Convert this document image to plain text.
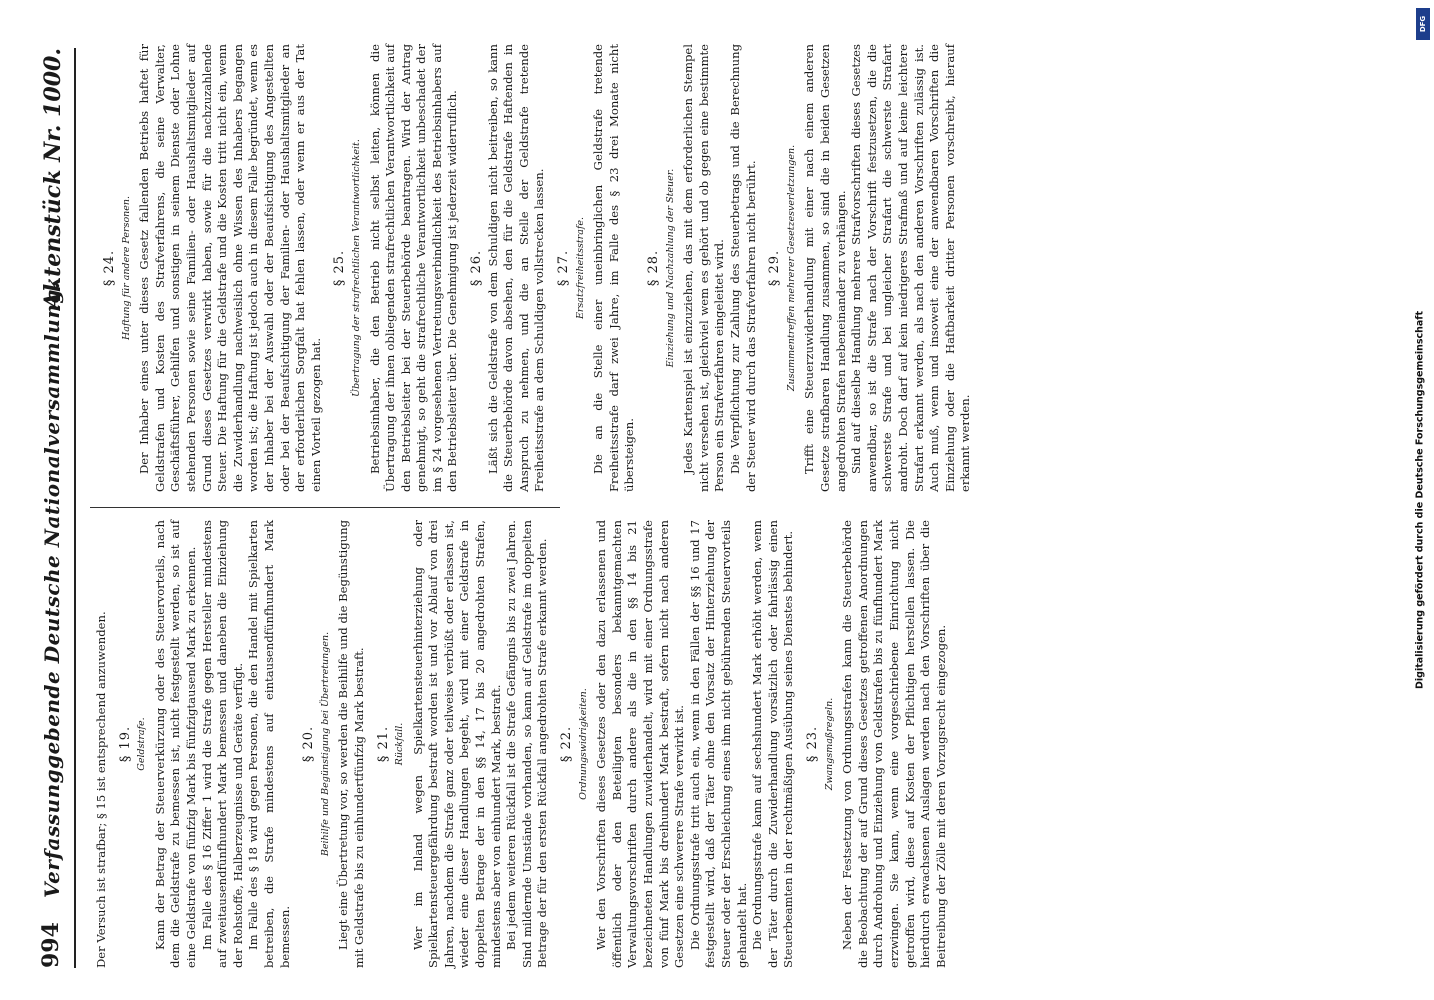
994
Verfassunggebende Deutsche Nationalversammlung.
Aktenstück Nr. 1000.

Der Versuch ist strafbar; § 15 ist entsprechend anzuwenden. § 19. Geldstrafe. Kann der Betrag der Steuerverkürzung oder des Steuervorteils, nach dem die Geldstrafe zu bemessen ist, nicht festgestellt werden, so ist auf eine Geldstrafe von fünfzig Mark bis fünfzigtausend Mark zu erkennen. Im Falle des § 16 Ziffer 1 wird die Strafe gegen Hersteller mindestens auf zweitausendfünfhundert Mark bemessen und daneben die Einziehung der Rohstoffe, Halberzeugnisse und Geräte verfügt. Im Falle des § 18 wird gegen Personen, die den Handel mit Spielkarten betreiben, die Strafe mindestens auf eintausendfünfhundert Mark bemessen.

§ 20. Beihilfe und Begünstigung bei Übertretungen. Liegt eine Übertretung vor, so werden die Beihilfe und die Begünstigung mit Geldstrafe bis zu einhundertfünfzig Mark bestraft. § 21. Rückfall. Wer im Inland wegen Spielkartensteuerhinterziehung oder Spielkartensteuergefährdung bestraft worden ist und vor Ablauf von drei Jahren, nachdem die Strafe ganz oder teilweise verbüßt oder erlassen ist, wieder eine dieser Handlungen begeht, wird mit einer Geldstrafe in doppelten Betrage der in den §§ 14, 17 bis 20 angedrohten Strafen, mindestens aber von einhundert Mark, bestraft. Bei jedem weiteren Rückfall ist die Strafe Gefängnis bis zu zwei Jahren. Sind mildernde Umstände vorhanden, so kann auf Geldstrafe im doppelten Betrage der für den ersten Rückfall angedrohten Strafe erkannt werden. § 22. Ordnungswidrigkeiten. Wer den Vorschriften dieses Gesetzes oder den dazu erlassenen und öffentlich oder den Beteiligten besonders bekanntgemachten Verwaltungsvorschriften durch andere als die in den §§ 14 bis 21 bezeichneten Handlungen zuwiderhandelt, wird mit einer Ordnungsstrafe von fünf Mark bis dreihundert Mark bestraft, sofern nicht nach anderen Gesetzen eine schwerere Strafe verwirkt ist. Die Ordnungsstrafe tritt auch ein, wenn in den Fällen der §§ 16 und 17 festgestellt wird, daß der Täter ohne den Vorsatz der Hinterziehung der Steuer oder der Erschleichung eines ihm nicht gebührenden Steuervorteils gehandelt hat. Die Ordnungsstrafe kann auf sechshundert Mark erhöht werden, wenn der Täter durch die Zuwiderhandlung vorsätzlich oder fahrlässig einen Steuerbeamten in der rechtmäßigen Ausübung seines Dienstes behindert. § 23. Zwangsmaßregeln. Neben der Festsetzung von Ordnungsstrafen kann die Steuerbehörde die Beobachtung der auf Grund dieses Gesetzes getroffenen Anordnungen durch Androhung und Einziehung von Geldstrafen bis zu fünfhundert Mark erzwingen. Sie kann, wenn eine vorgeschriebene Einrichtung nicht getroffen wird, diese auf Kosten der Pflichtigen herstellen lassen. Die hierdurch erwachsenen Auslagen werden nach den Vorschriften über die Beitreibung der Zölle mit deren Vorzugsrecht eingezogen.

§ 24. Haftung für andere Personen. Der Inhaber eines unter dieses Gesetz fallenden Betriebs haftet für Geldstrafen und Kosten des Strafverfahrens, die seine Verwalter, Geschäftsführer, Gehilfen und sonstigen in seinem Dienste oder Lohne stehenden Personen sowie seine Familien- oder Haushaltsmitglieder auf Grund dieses Gesetzes verwirkt haben, sowie für die nachzuzahlende Steuer. Die Haftung für die Geldstrafe und die Kosten tritt nicht ein, wenn die Zuwiderhandlung nachweislich ohne Wissen des Inhabers begangen worden ist; die Haftung ist jedoch auch in diesem Falle begründet, wenn es der Inhaber bei der Auswahl oder der Beaufsichtigung des Angestellten oder bei der Beaufsichtigung der Familien- oder Haushaltsmitglieder an der erforderlichen Sorgfalt hat fehlen lassen, oder wenn er aus der Tat einen Vorteil gezogen hat.

§ 25. Übertragung der strafrechtlichen Verantwortlichkeit. Betriebsinhaber, die den Betrieb nicht selbst leiten, können die Übertragung der ihnen obliegenden strafrechtlichen Verantwortlichkeit auf den Betriebsleiter bei der Steuerbehörde beantragen. Wird der Antrag genehmigt, so geht die strafrechtliche Verantwortlichkeit unbeschadet der im § 24 vorgesehenen Vertretungsverbindlichkeit des Betriebsinhabers auf den Betriebsleiter über. Die Genehmigung ist jederzeit widerruflich. § 26. Läßt sich die Geldstrafe von dem Schuldigen nicht beitreiben, so kann die Steuerbehörde davon absehen, den für die Geldstrafe Haftenden in Anspruch zu nehmen, und die an Stelle der Geldstrafe tretende Freiheitsstrafe an dem Schuldigen vollstrecken lassen. § 27. Ersatzfreiheitsstrafe. Die an die Stelle einer uneinbringlichen Geldstrafe tretende Freiheitsstrafe darf zwei Jahre, im Falle des § 23 drei Monate nicht übersteigen.

§ 28. Einziehung und Nachzahlung der Steuer. Jedes Kartenspiel ist einzuziehen, das mit dem erforderlichen Stempel nicht versehen ist, gleichviel wem es gehört und ob gegen eine bestimmte Person ein Strafverfahren eingeleitet wird. Die Verpflichtung zur Zahlung des Steuerbetrags und die Berechnung der Steuer wird durch das Strafverfahren nicht berührt. § 29. Zusammentreffen mehrerer Gesetzesverletzungen. Trifft eine Steuerzuwiderhandlung mit einer nach einem anderen Gesetze strafbaren Handlung zusammen, so sind die in beiden Gesetzen angedrohten Strafen nebeneinander zu verhängen. Sind auf dieselbe Handlung mehrere Strafvorschriften dieses Gesetzes anwendbar, so ist die Strafe nach der Vorschrift festzusetzen, die die schwerste Strafe und bei ungleicher Strafart die schwerste Strafart androht. Doch darf auf kein niedrigeres Strafmaß und auf keine leichtere Strafart erkannt werden, als nach den anderen Vorschriften zulässig ist. Auch muß, wenn und insoweit eine der anwendbaren Vorschriften die Einziehung oder die Haftbarkeit dritter Personen vorschreibt, hierauf erkannt werden.

DFG
Digitalisierung gefördert durch die Deutsche Forschungsgemeinschaft
